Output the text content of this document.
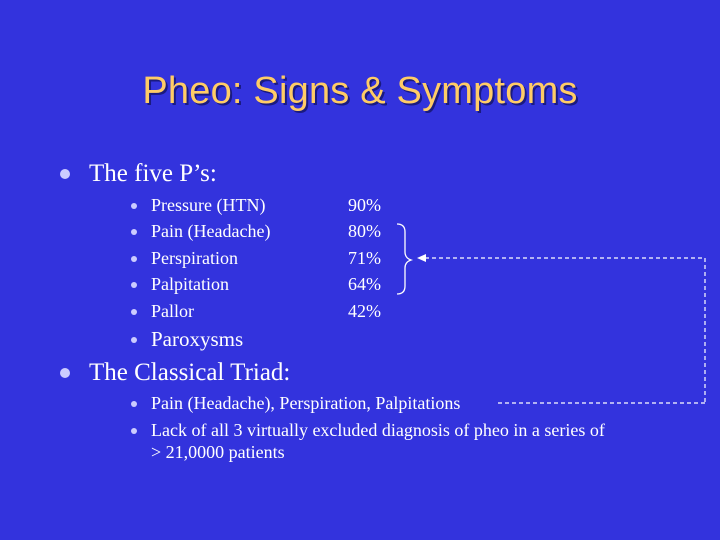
Pheo: Signs & Symptoms
The five P’s:
Pressure (HTN)
Pain (Headache)
Perspiration
Palpitation
Pallor
Paroxysms
90%
80%
71%
64%
42%
The Classical Triad:
Pain (Headache), Perspiration, Palpitations
Lack of all 3 virtually excluded diagnosis of pheo in a series of
> 21,0000 patients
